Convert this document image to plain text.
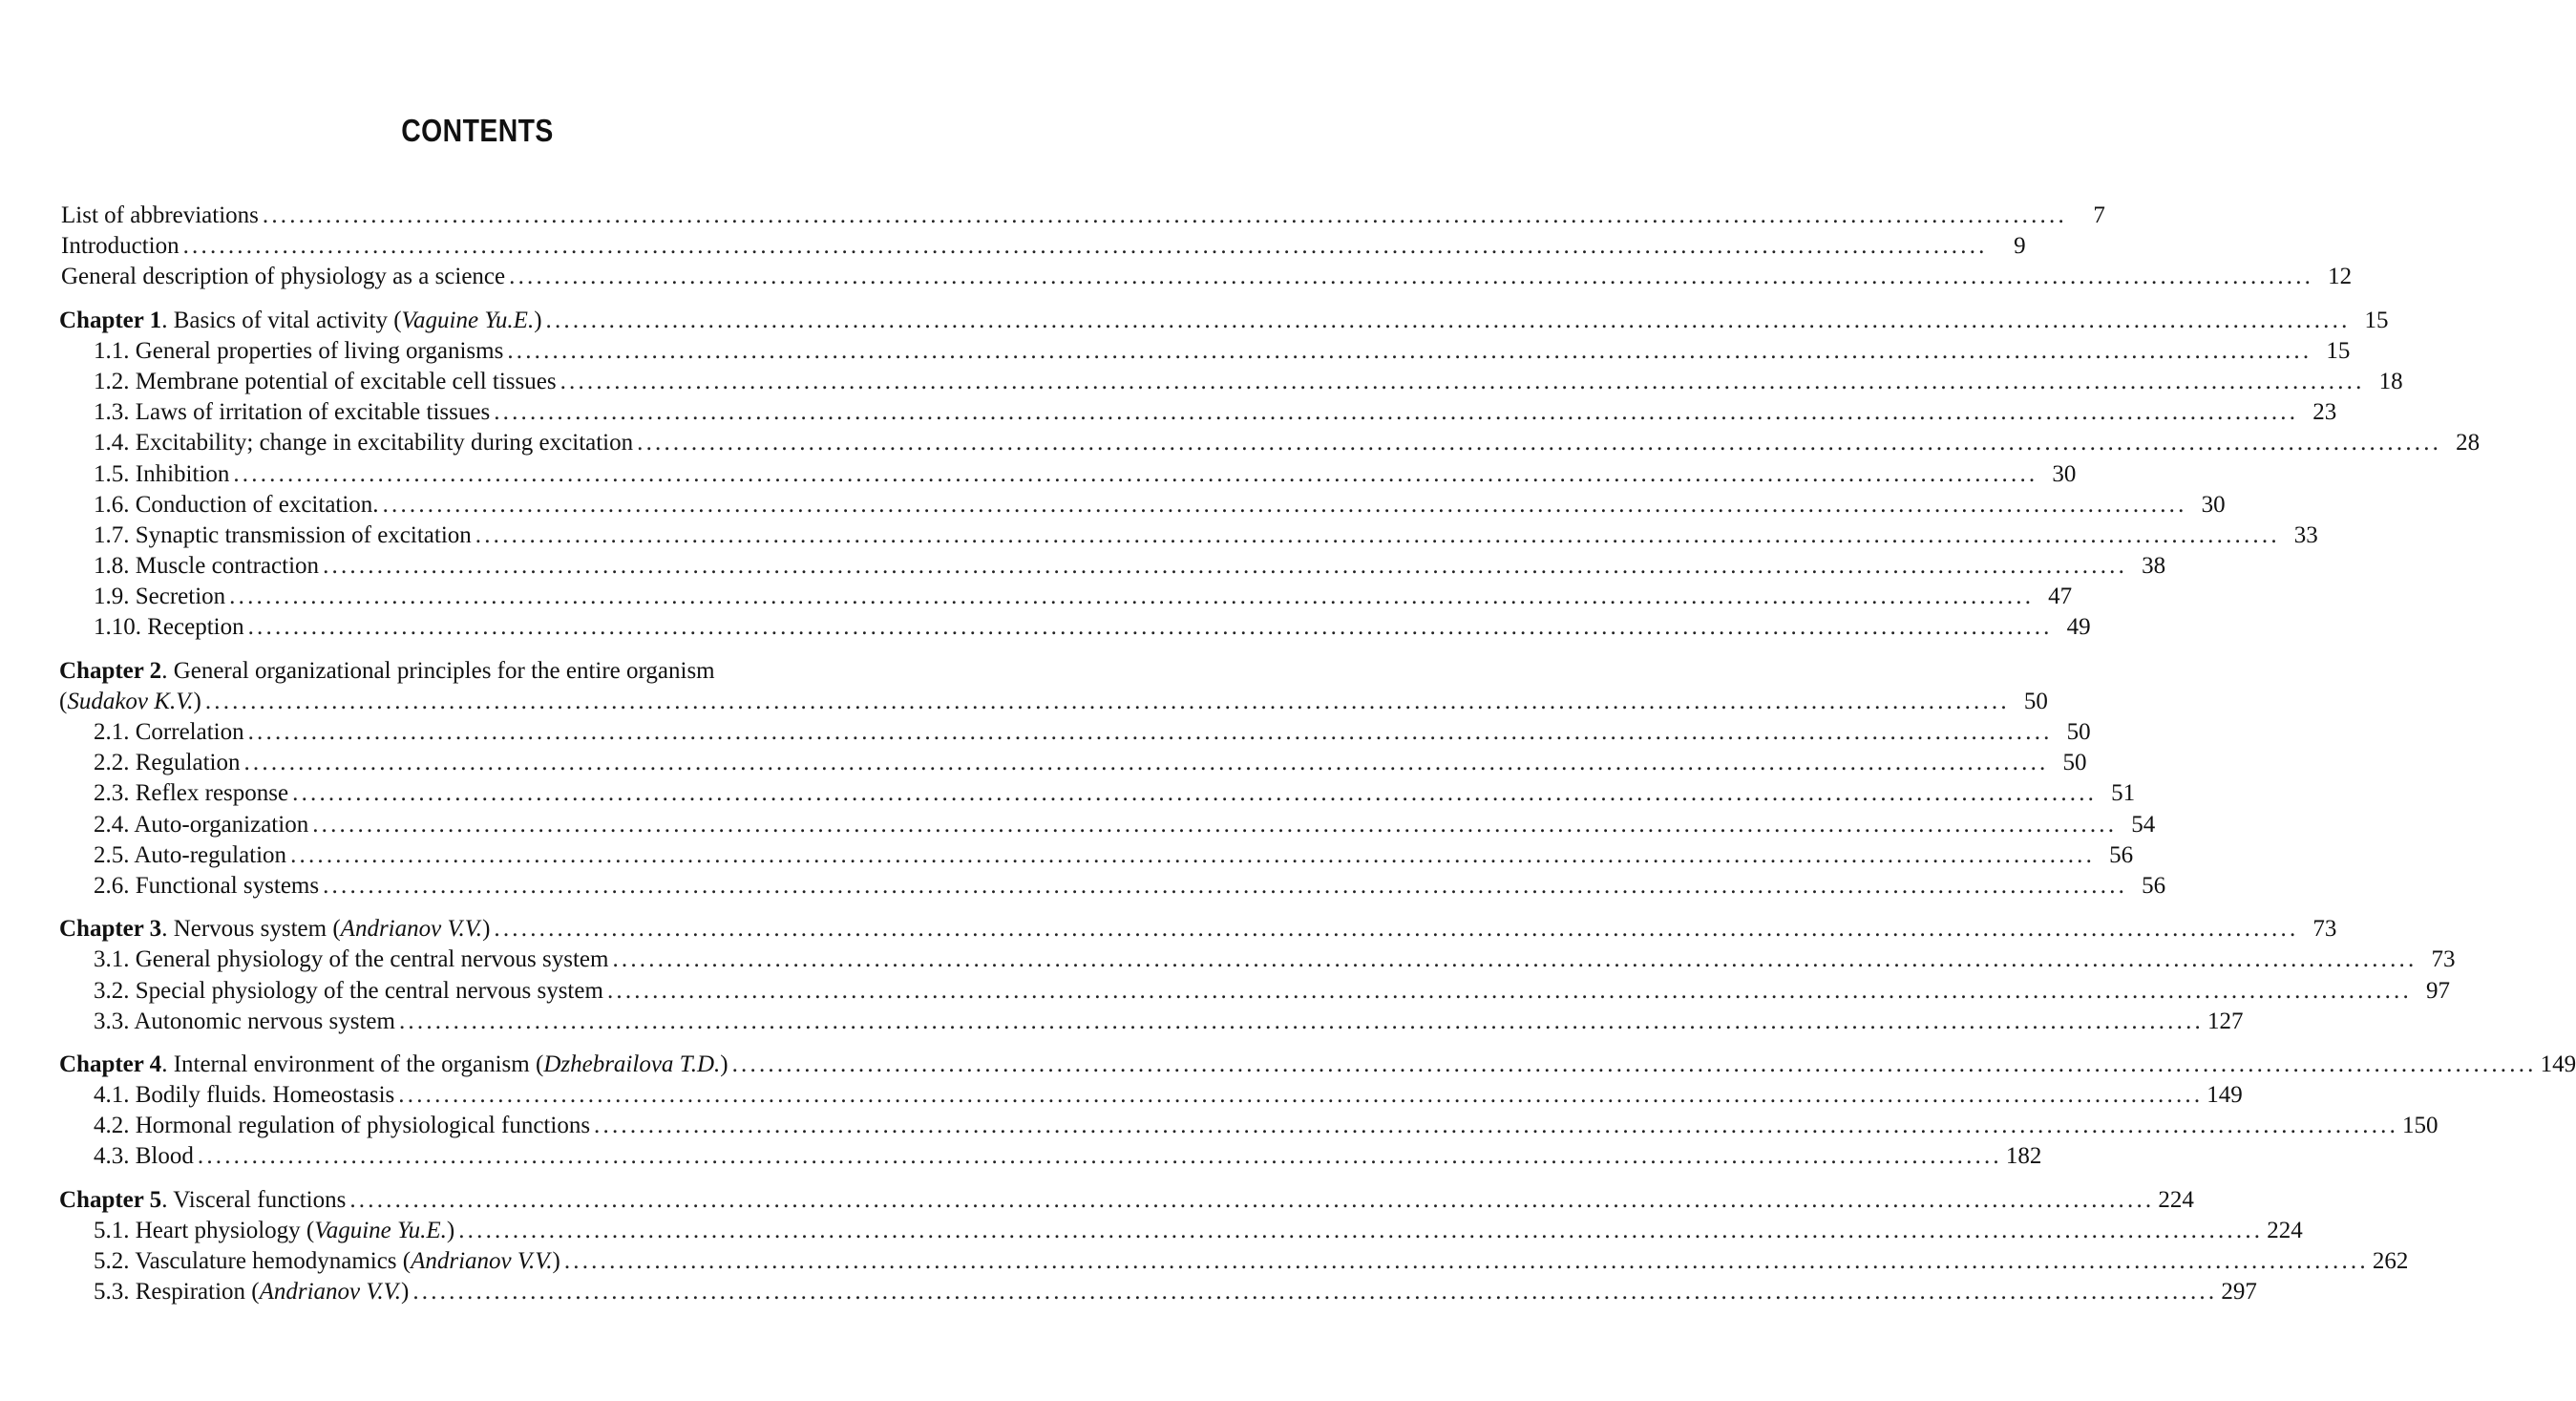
CONTENTS
List of abbreviations ........................................................................................................................................................................................................	7
Introduction ........................................................................................................................................................................................................	9
General description of physiology as a science ........................................................................................................................................................................................................ 12
Chapter 1. Basics of vital activity (Vaguine Yu.E.) ........................................................................................................................................................................................................ 15
1.1. General properties of living organisms ........................................................................................................................................................................................................ 15
1.2. Membrane potential of excitable cell tissues ........................................................................................................................................................................................................ 18
1.3. Laws of irritation of excitable tissues ........................................................................................................................................................................................................ 23
1.4. Excitability; change in excitability during excitation ........................................................................................................................................................................................................ 28
1.5. Inhibition ........................................................................................................................................................................................................ 30
1.6. Conduction of excitation. ........................................................................................................................................................................................................ 30
1.7. Synaptic transmission of excitation ........................................................................................................................................................................................................ 33
1.8. Muscle contraction ........................................................................................................................................................................................................ 38
1.9. Secretion ........................................................................................................................................................................................................ 47
1.10. Reception ........................................................................................................................................................................................................ 49
Chapter 2. General organizational principles for the entire organism
(Sudakov K.V.) ........................................................................................................................................................................................................ 50
2.1. Correlation ........................................................................................................................................................................................................ 50
2.2. Regulation ........................................................................................................................................................................................................ 50
2.3. Reflex response ........................................................................................................................................................................................................ 51
2.4. Auto-organization ........................................................................................................................................................................................................ 54
2.5. Auto-regulation ........................................................................................................................................................................................................ 56
2.6. Functional systems ........................................................................................................................................................................................................ 56
Chapter 3. Nervous system (Andrianov V.V.) ........................................................................................................................................................................................................ 73
3.1. General physiology of the central nervous system ........................................................................................................................................................................................................ 73
3.2. Special physiology of the central nervous system ........................................................................................................................................................................................................ 97
3.3. Autonomic nervous system ........................................................................................................................................................................................................ 127
Chapter 4. Internal environment of the organism (Dzhebrailova T.D.) ........................................................................................................................................................................................................ 149
4.1. Bodily fluids. Homeostasis ........................................................................................................................................................................................................ 149
4.2. Hormonal regulation of physiological functions ........................................................................................................................................................................................................ 150
4.3. Blood ........................................................................................................................................................................................................ 182
Chapter 5. Visceral functions ........................................................................................................................................................................................................ 224
5.1. Heart physiology (Vaguine Yu.E.) ........................................................................................................................................................................................................ 224
5.2. Vasculature hemodynamics (Andrianov V.V.) ........................................................................................................................................................................................................ 262
5.3. Respiration (Andrianov V.V.) ........................................................................................................................................................................................................ 297
